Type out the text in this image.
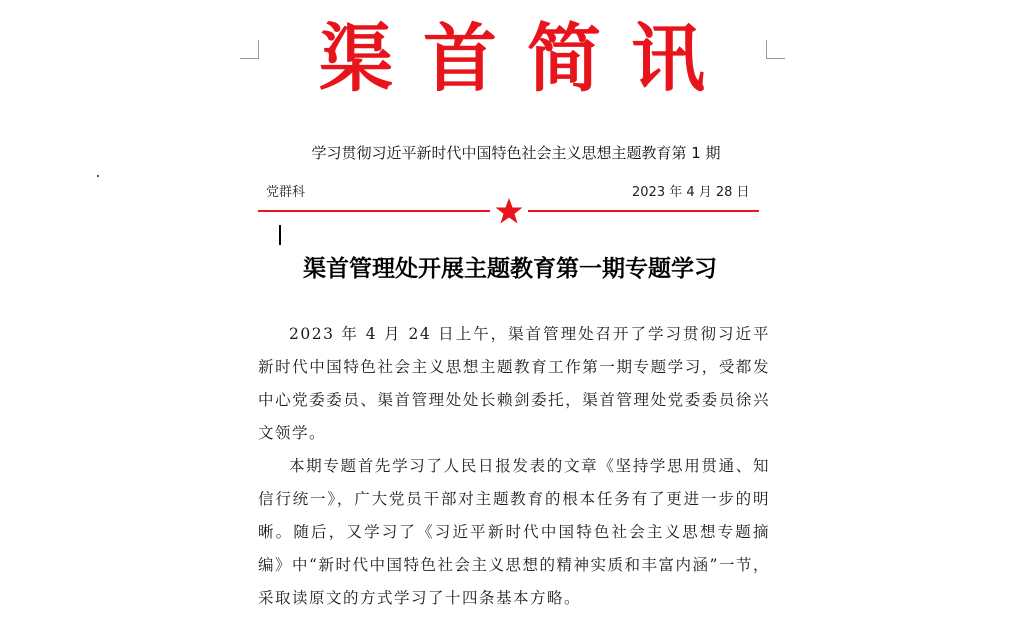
渠首简讯
学习贯彻习近平新时代中国特色社会主义思想主题教育第 1 期
党群科	2023 年 4 月 28 日
渠首管理处开展主题教育第一期专题学习

2023 年 4 月 24 日上午，渠首管理处召开了学习贯彻习近平新时代中国特色社会主义思想主题教育工作第一期专题学习，受都发中心党委委员、渠首管理处处长赖剑委托，渠首管理处党委委员徐兴文领学。

本期专题首先学习了人民日报发表的文章《坚持学思用贯通、知信行统一》，广大党员干部对主题教育的根本任务有了更进一步的明晰。随后，又学习了《习近平新时代中国特色社会主义思想专题摘编》中“新时代中国特色社会主义思想的精神实质和丰富内涵”一节，采取读原文的方式学习了十四条基本方略。
